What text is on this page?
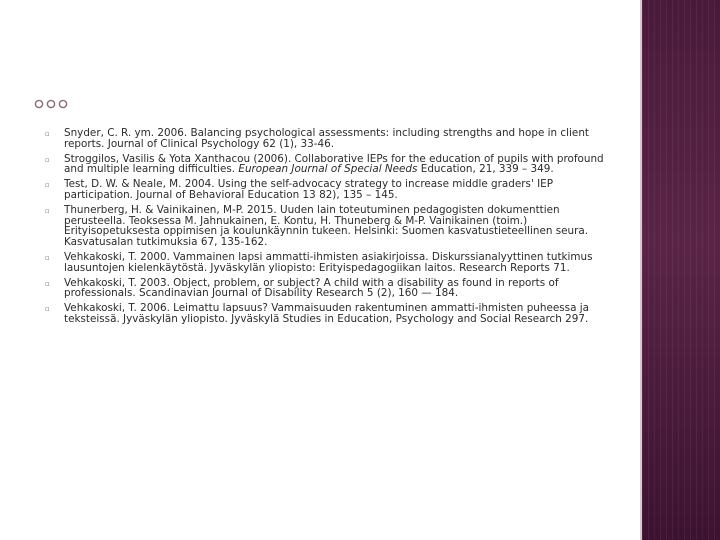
▫ Snyder, C. R. ym. 2006. Balancing psychological assessments: including strengths and hope in client reports. Journal of Clinical Psychology 62 (1), 33-46.
▫ Stroggilos, Vasilis & Yota Xanthacou (2006). Collaborative IEPs for the education of pupils with profound and multiple learning difficulties. European Journal of Special Needs Education, 21, 339 – 349.
▫ Test, D. W. & Neale, M. 2004. Using the self-advocacy strategy to increase middle graders' IEP participation. Journal of Behavioral Education 13 82), 135 – 145.
▫ Thunerberg, H. & Vainikainen, M-P. 2015. Uuden lain toteutuminen pedagogisten dokumenttien perusteella. Teoksessa M. Jahnukainen, E. Kontu, H. Thuneberg & M-P. Vainikainen (toim.) Erityisopetuksesta oppimisen ja koulunkäynnin tukeen. Helsinki: Suomen kasvatustieteellinen seura. Kasvatusalan tutkimuksia 67, 135-162.
▫ Vehkakoski, T. 2000. Vammainen lapsi ammatti-ihmisten asiakirjoissa. Diskurssianalyyttinen tutkimus lausuntojen kielenkäytöstä. Jyväskylän yliopisto: Erityispedagogiikan laitos. Research Reports 71.
▫ Vehkakoski, T. 2003. Object, problem, or subject? A child with a disability as found in reports of professionals. Scandinavian Journal of Disability Research 5 (2), 160 — 184.
▫ Vehkakoski, T. 2006. Leimattu lapsuus? Vammaisuuden rakentuminen ammatti-ihmisten puheessa ja teksteissä. Jyväskylän yliopisto. Jyväskylä Studies in Education, Psychology and Social Research 297.
